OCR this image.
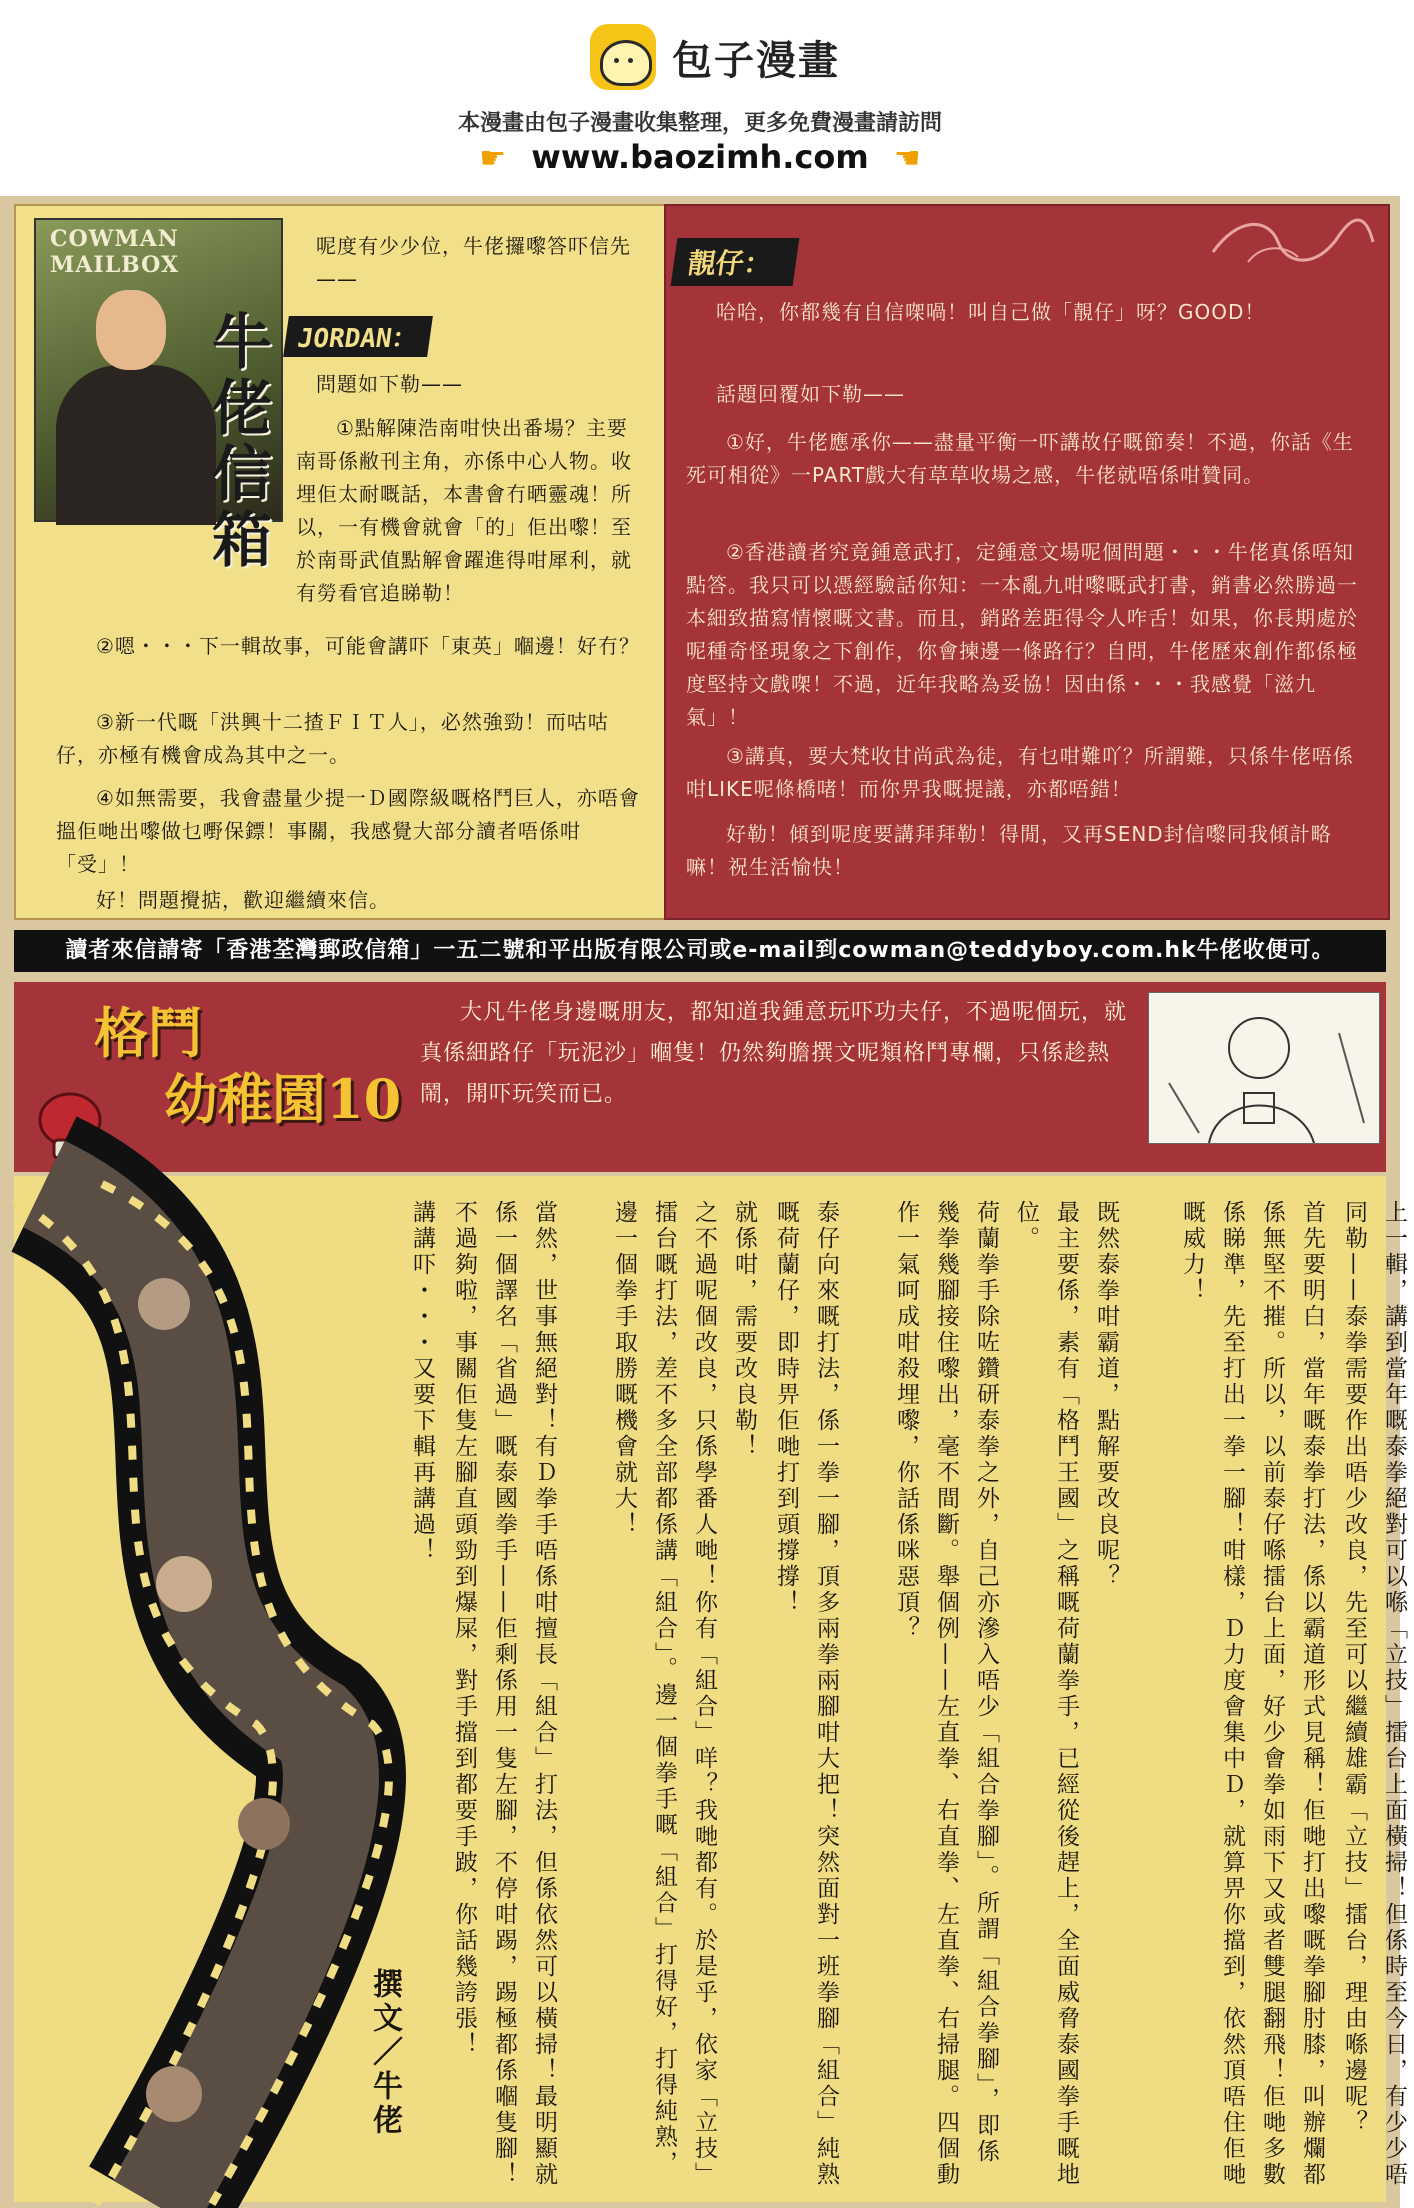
包子漫畫
本漫畫由包子漫畫收集整理，更多免費漫畫請訪問
☛ www.baozimh.com ☚
COWMAN MAILBOX
牛佬信箱
呢度有少少位，牛佬攞嚟答吓信先——
JORDAN：
問題如下勒——
①點解陳浩南咁快出番場？主要南哥係敝刊主角，亦係中心人物。收埋佢太耐嘅話，本書會冇晒靈魂！所以，一有機會就會「的」佢出嚟！至於南哥武值點解會躍進得咁犀利，就有勞看官追睇勒！
②嗯・・・下一輯故事，可能會講吓「東英」嗰邊！好冇？
③新一代嘅「洪興十二揸ＦＩＴ人」，必然強勁！而咕咕仔，亦極有機會成為其中之一。
④如無需要，我會盡量少提一Ｄ國際級嘅格鬥巨人，亦唔會搵佢哋出嚟做乜嘢保鏢！事關，我感覺大部分讀者唔係咁「受」！
好！問題攪掂，歡迎繼續來信。
靚仔：
哈哈，你都幾有自信㗎喎！叫自己做「靚仔」呀？GOOD！
話題回覆如下勒——
①好，牛佬應承你——盡量平衡一吓講故仔嘅節奏！不過，你話《生死可相從》一PART戲大有草草收場之感，牛佬就唔係咁贊同。
②香港讀者究竟鍾意武打，定鍾意文場呢個問題・・・牛佬真係唔知點答。我只可以憑經驗話你知：一本亂九咁嚟嘅武打書，銷書必然勝過一本細致描寫情懷嘅文書。而且，銷路差距得令人咋舌！如果，你長期處於呢種奇怪現象之下創作，你會揀邊一條路行？自問，牛佬歷來創作都係極度堅持文戲㗎！不過，近年我略為妥協！因由係・・・我感覺「滋九氣」！
③講真，要大梵收甘尚武為徒，有乜咁難吖？所謂難，只係牛佬唔係咁LIKE呢條橋啫！而你畀我嘅提議，亦都唔錯！
好勒！傾到呢度要講拜拜勒！得閒，又再SEND封信嚟同我傾計略嘛！祝生活愉快！
讀者來信請寄「香港荃灣郵政信箱」一五二號和平出版有限公司或e-mail到cowman@teddyboy.com.hk牛佬收便可。
格鬥
幼稚園10
大凡牛佬身邊嘅朋友，都知道我鍾意玩吓功夫仔，不過呢個玩，就真係細路仔「玩泥沙」嗰隻！仍然夠膽撰文呢類格鬥專欄，只係趁熱鬧，開吓玩笑而已。
上一輯，講到當年嘅泰拳絕對可以喺「立技」擂台上面橫掃！但係時至今日，有少少唔同勒——泰拳需要作出唔少改良，先至可以繼續雄霸「立技」擂台，理由喺邊呢？
首先要明白，當年嘅泰拳打法，係以霸道形式見稱！佢哋打出嚟嘅拳腳肘膝，叫辦爛都係無堅不摧。所以，以前泰仔喺擂台上面，好少會拳如雨下又或者雙腿翻飛！佢哋多數係睇準，先至打出一拳一腳！咁樣，Ｄ力度會集中Ｄ，就算畀你擋到，依然頂唔住佢哋嘅威力！
既然泰拳咁霸道，點解要改良呢？
最主要係，素有「格鬥王國」之稱嘅荷蘭拳手，已經從後趕上，全面威脅泰國拳手嘅地位。
荷蘭拳手除咗鑽研泰拳之外，自己亦滲入唔少「組合拳腳」。所謂「組合拳腳」，即係幾拳幾腳接住嚟出，毫不間斷。舉個例——左直拳、右直拳、左直拳、右掃腿。四個動作一氣呵成咁殺埋嚟，你話係咪惡頂？
泰仔向來嘅打法，係一拳一腳，頂多兩拳兩腳咁大把！突然面對一班拳腳「組合」純熟嘅荷蘭仔，即時畀佢哋打到頭撐撐！
就係咁，需要改良勒！
之不過呢個改良，只係學番人哋！你有「組合」咩？我哋都有。於是乎，依家「立技」擂台嘅打法，差不多全部都係講「組合」。邊一個拳手嘅「組合」打得好，打得純熟，邊一個拳手取勝嘅機會就大！
當然，世事無絕對！有Ｄ拳手唔係咁擅長「組合」打法，但係依然可以橫掃！最明顯就係一個譯名「省過」嘅泰國拳手——佢剩係用一隻左腳，不停咁踢，踢極都係嗰隻腳！不過夠啦，事關佢隻左腳直頭勁到爆屎，對手擋到都要手跛，你話幾誇張！
講講吓・・・又要下輯再講過！
撰文／牛佬
